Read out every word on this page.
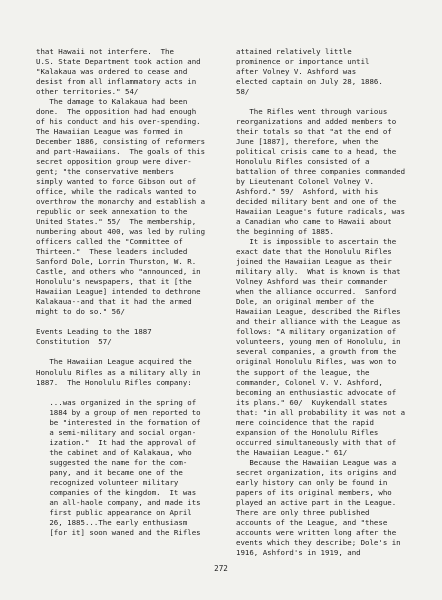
that Hawaii not interfere.  The
U.S. State Department took action and
"Kalakaua was ordered to cease and
desist from all inflammatory acts in
other territories." 54/
The damage to Kalakaua had been
done.  The opposition had had enough
of his conduct and his over-spending.
The Hawaiian League was formed in
December 1886, consisting of reformers
and part-Hawaiians.  The goals of this
secret opposition group were diver-
gent; "the conservative members
simply wanted to force Gibson out of
office, while the radicals wanted to
overthrow the monarchy and establish a
republic or seek annexation to the
United States." 55/  The membership,
numbering about 400, was led by ruling
officers called the "Committee of
Thirteen."  These leaders included
Sanford Dole, Lorrin Thurston, W. R.
Castle, and others who "announced, in
Honolulu's newspapers, that it [the
Hawaiian League] intended to dethrone
Kalakaua--and that it had the armed
might to do so." 56/
Events Leading to the 1887
Constitution  57/
The Hawaiian League acquired the
Honolulu Rifles as a military ally in
1887.  The Honolulu Rifles company:
...was organized in the spring of
1884 by a group of men reported to
be "interested in the formation of
a semi-military and social organ-
ization."  It had the approval of
the cabinet and of Kalakaua, who
suggested the name for the com-
pany, and it became one of the
recognized volunteer military
companies of the kingdom.  It was
an all-haole company, and made its
first public appearance on April
26, 1885...The early enthusiasm
[for it] soon waned and the Rifles
attained relatively little
prominence or importance until
after Volney V. Ashford was
elected captain on July 28, 1886.
58/
The Rifles went through various
reorganizations and added members to
their totals so that "at the end of
June [1887], therefore, when the
political crisis came to a head, the
Honolulu Rifles consisted of a
battalion of three companies commanded
by Lieutenant Colonel Volney V.
Ashford." 59/  Ashford, with his
decided military bent and one of the
Hawaiian League's future radicals, was
a Canadian who came to Hawaii about
the beginning of 1885.
It is impossible to ascertain the
exact date that the Honolulu Rifles
joined the Hawaiian League as their
military ally.  What is known is that
Volney Ashford was their commander
when the alliance occurred.  Sanford
Dole, an original member of the
Hawaiian League, described the Rifles
and their alliance with the League as
follows: "A military organization of
volunteers, young men of Honolulu, in
several companies, a growth from the
original Honolulu Rifles, was won to
the support of the league, the
commander, Colonel V. V. Ashford,
becoming an enthusiastic advocate of
its plans." 60/  Kuykendall states
that: "in all probability it was not a
mere coincidence that the rapid
expansion of the Honolulu Rifles
occurred simultaneously with that of
the Hawaiian League." 61/
Because the Hawaiian League was a
secret organization, its origins and
early history can only be found in
papers of its original members, who
played an active part in the League.
There are only three published
accounts of the League, and "these
accounts were written long after the
events which they describe; Dole's in
1916, Ashford's in 1919, and
272
